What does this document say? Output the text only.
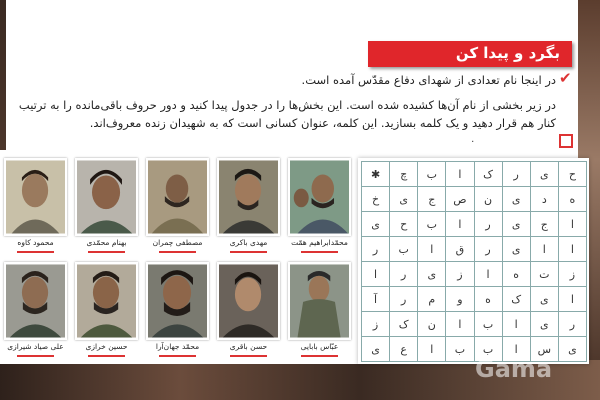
بگرد و پیدا کن
✔
۰
در اینجا نام تعدادی از شهدای دفاع مقدّس آمده است.
در زیر بخشی از نام آن‌ها کشیده شده است. این بخش‌ها را در جدول پیدا کنید و دور حروف باقی‌مانده را به ترتیب
کنار هم قرار دهید و یک کلمه بسازید. این کلمه، عنوان کسانی است که به شهیدان زنده معروف‌اند.
محمود کاوه	بهنام محمّدی	مصطفی چمران	مهدی باکری	محمّدابراهیم همّت
علی صیاد شیرازی	حسین خرازی	محمّد جهان‌آرا	حسن باقری	عبّاس بابایی
✱	چ	ب	ا	ک	ر	ی	ح
خ	ی	ج	ص	ن	ی	د	ه
ی	ح	ب	ا	ر	ی	ج	ا
ر	ب	ا	ق	ر	ی	ا	ا
ا	ر	ی	ز	ا	ه	ت	ز
آ	ر	م	و	ه	ک	ی	ا
ز	ک	ن	ا	ب	ا	ی	ر
ی	ع	ا	ب	ب	ا	س	ی
Gama
